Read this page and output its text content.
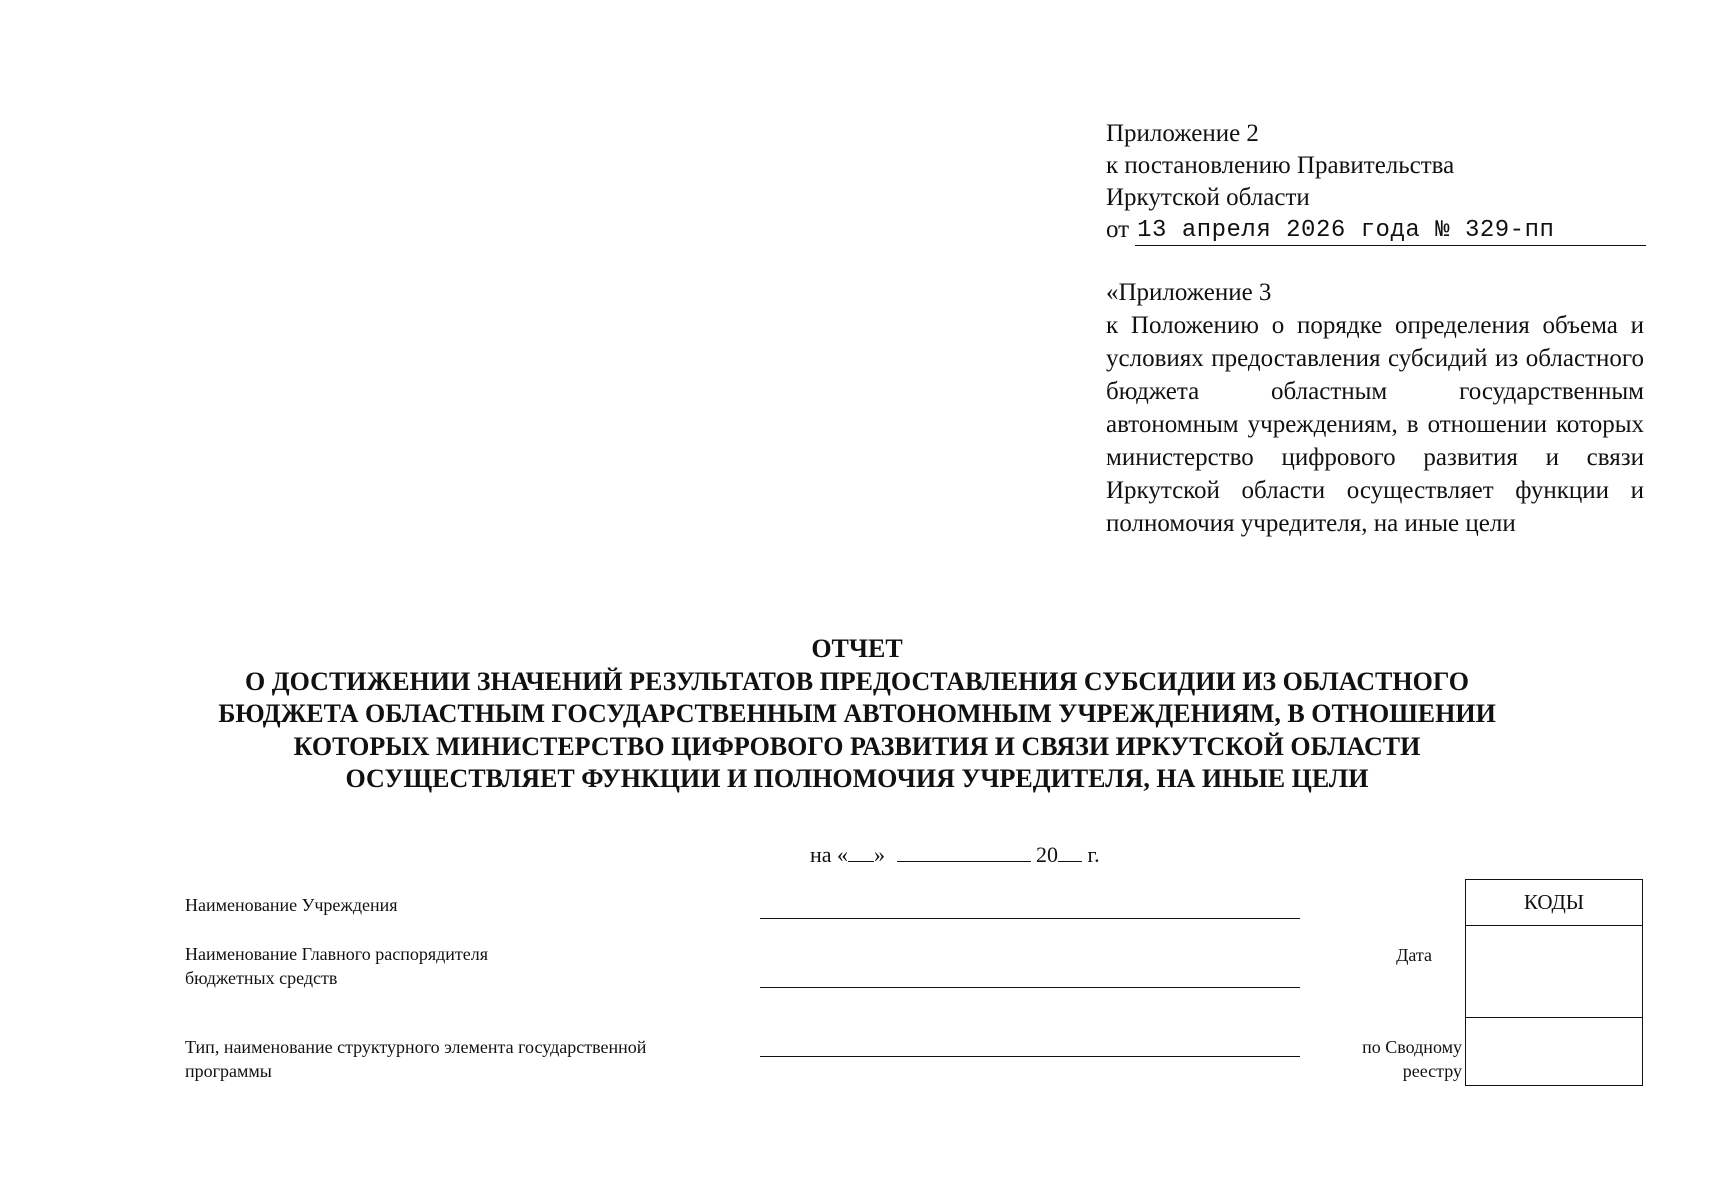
Приложение 2
к постановлению Правительства
Иркутской области
от 13 апреля 2026 года № 329-пп
«Приложение 3
к Положению о порядке определения объема и условиях предоставления субсидий из областного бюджета областным государственным автономным учреждениям, в отношении которых министерство цифрового развития и связи Иркутской области осуществляет функции и полномочия учредителя, на иные цели
ОТЧЕТ
О ДОСТИЖЕНИИ ЗНАЧЕНИЙ РЕЗУЛЬТАТОВ ПРЕДОСТАВЛЕНИЯ СУБСИДИИ ИЗ ОБЛАСТНОГО
БЮДЖЕТА ОБЛАСТНЫМ ГОСУДАРСТВЕННЫМ АВТОНОМНЫМ УЧРЕЖДЕНИЯМ, В ОТНОШЕНИИ
КОТОРЫХ МИНИСТЕРСТВО ЦИФРОВОГО РАЗВИТИЯ И СВЯЗИ ИРКУТСКОЙ ОБЛАСТИ
ОСУЩЕСТВЛЯЕТ ФУНКЦИИ И ПОЛНОМОЧИЯ УЧРЕДИТЕЛЯ, НА ИНЫЕ ЦЕЛИ
на « »	20 г.
Наименование Учреждения
Наименование Главного распорядителя
бюджетных средств
Тип, наименование структурного элемента государственной
программы
Дата
по Сводному
реестру
КОДЫ
